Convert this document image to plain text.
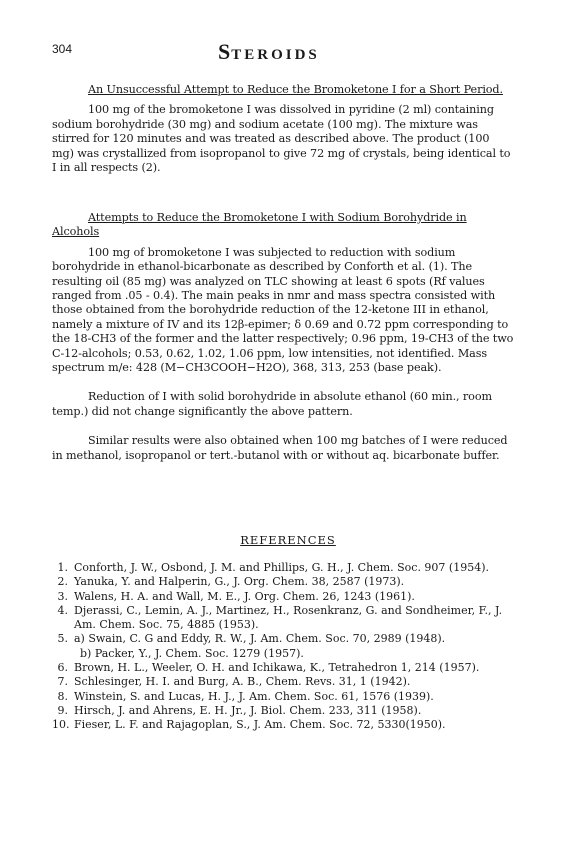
304	STEROIDS

An Unsuccessful Attempt to Reduce the Bromoketone I for a Short Period.

100 mg of the bromoketone I was dissolved in pyridine (2 ml) containing sodium borohydride (30 mg) and sodium acetate (100 mg). The mixture was stirred for 120 minutes and was treated as described above. The product (100 mg) was crystallized from isopropanol to give 72 mg of crystals, being identical to I in all respects (2).

Attempts to Reduce the Bromoketone I with Sodium Borohydride in Alcohols

100 mg of bromoketone I was subjected to reduction with sodium borohydride in ethanol-bicarbonate as described by Conforth et al. (1). The resulting oil (85 mg) was analyzed on TLC showing at least 6 spots (Rf values ranged from .05 - 0.4). The main peaks in nmr and mass spectra consisted with those obtained from the borohydride reduction of the 12-ketone III in ethanol, namely a mixture of IV and its 12β-epimer; δ 0.69 and 0.72 ppm corresponding to the 18-CH3 of the former and the latter respectively; 0.96 ppm, 19-CH3 of the two C-12-alcohols; 0.53, 0.62, 1.02, 1.06 ppm, low intensities, not identified. Mass spectrum m/e: 428 (M−CH3COOH−H2O), 368, 313, 253 (base peak).

Reduction of I with solid borohydride in absolute ethanol (60 min., room temp.) did not change significantly the above pattern.

Similar results were also obtained when 100 mg batches of I were reduced in methanol, isopropanol or tert.-butanol with or without aq. bicarbonate buffer.

REFERENCES
1. Conforth, J. W., Osbond, J. M. and Phillips, G. H., J. Chem. Soc. 907 (1954).
2. Yanuka, Y. and Halperin, G., J. Org. Chem. 38, 2587 (1973).
3. Walens, H. A. and Wall, M. E., J. Org. Chem. 26, 1243 (1961).
4. Djerassi, C., Lemin, A. J., Martinez, H., Rosenkranz, G. and Sondheimer, F., J. Am. Chem. Soc. 75, 4885 (1953).
5. a) Swain, C. G and Eddy, R. W., J. Am. Chem. Soc. 70, 2989 (1948).
b) Packer, Y., J. Chem. Soc. 1279 (1957).
6. Brown, H. L., Weeler, O. H. and Ichikawa, K., Tetrahedron 1, 214 (1957).
7. Schlesinger, H. I. and Burg, A. B., Chem. Revs. 31, 1 (1942).
8. Winstein, S. and Lucas, H. J., J. Am. Chem. Soc. 61, 1576 (1939).
9. Hirsch, J. and Ahrens, E. H. Jr., J. Biol. Chem. 233, 311 (1958).
10. Fieser, L. F. and Rajagoplan, S., J. Am. Chem. Soc. 72, 5330(1950).
